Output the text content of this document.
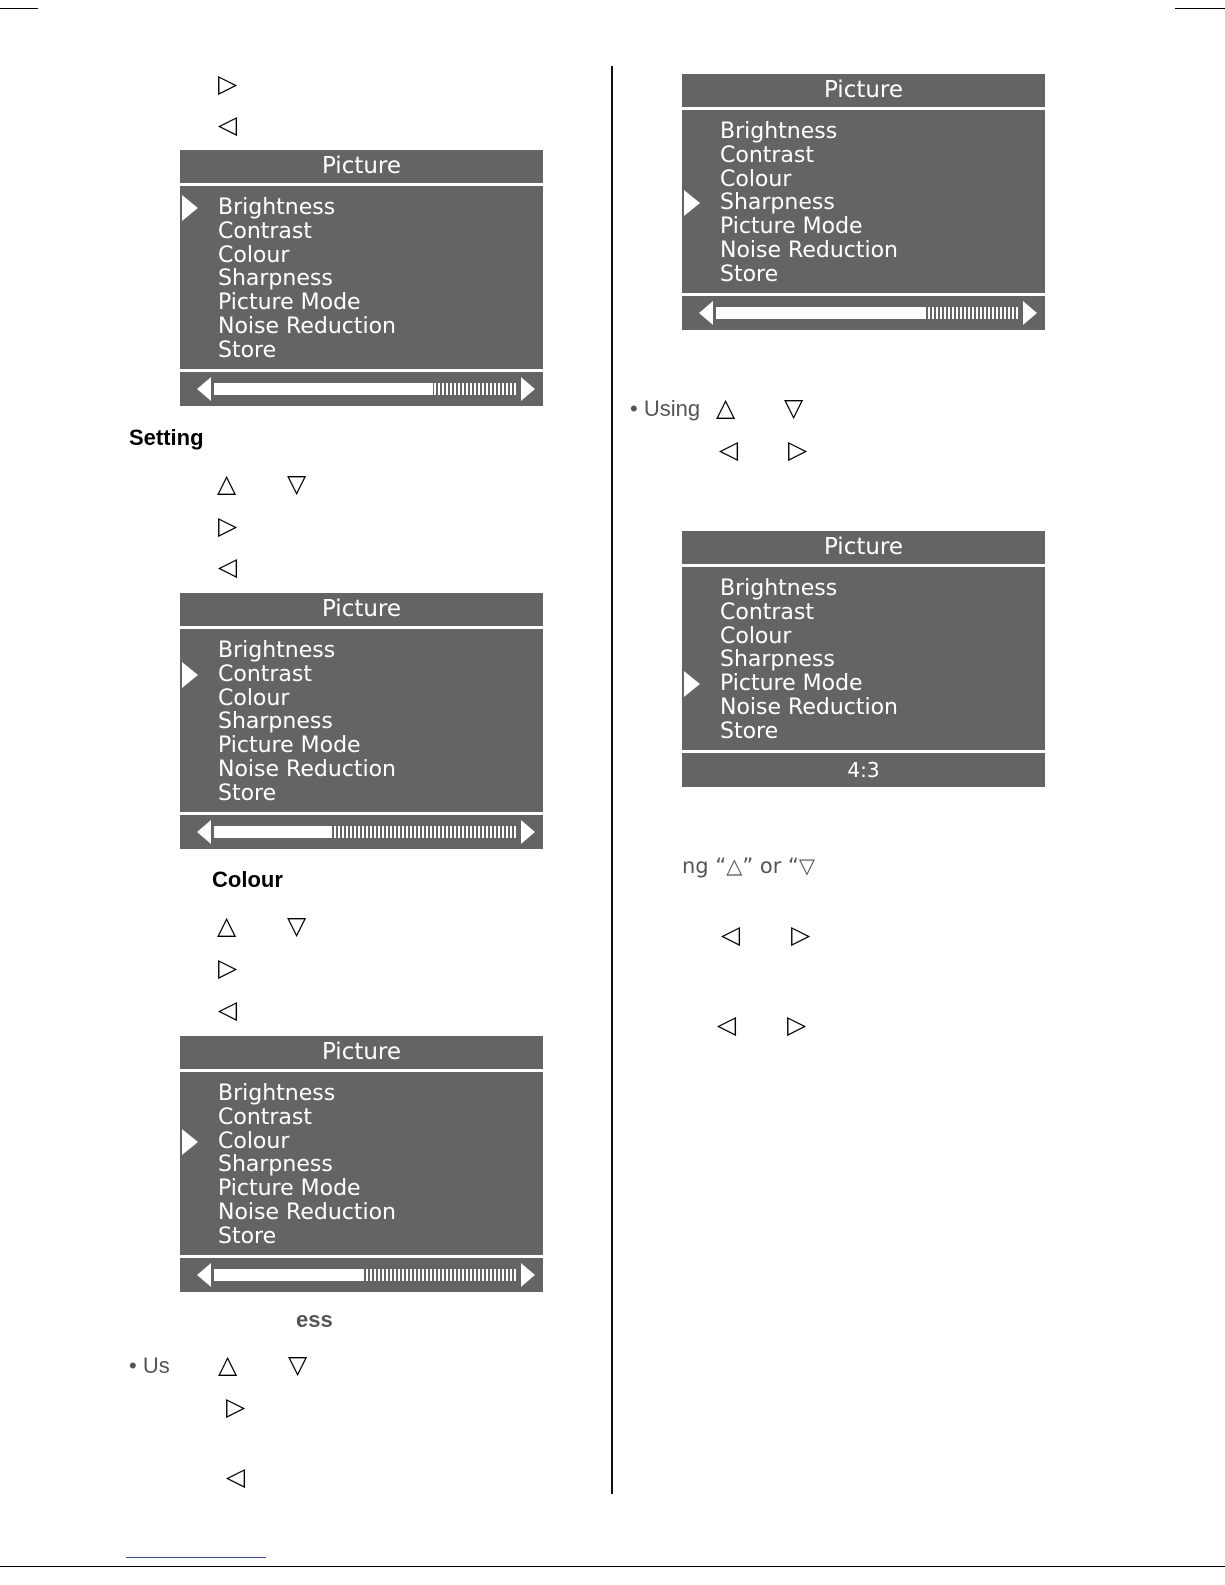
▷
◁
Picture
Brightness
Contrast
Colour
Sharpness
Picture Mode
Noise Reduction
Store
Setting
△ ▽
▷
◁
Picture
Brightness
Contrast
Colour
Sharpness
Picture Mode
Noise Reduction
Store
Colour
△ ▽
▷
◁
Picture
Brightness
Contrast
Colour
Sharpness
Picture Mode
Noise Reduction
Store
ess
• Us △ ▽
▷
◁
Picture
Brightness
Contrast
Colour
Sharpness
Picture Mode
Noise Reduction
Store
• Using △ ▽
◁ ▷
Picture
Brightness
Contrast
Colour
Sharpness
Picture Mode
Noise Reduction
Store
4:3
ng “△” or “▽
◁ ▷
◁ ▷
